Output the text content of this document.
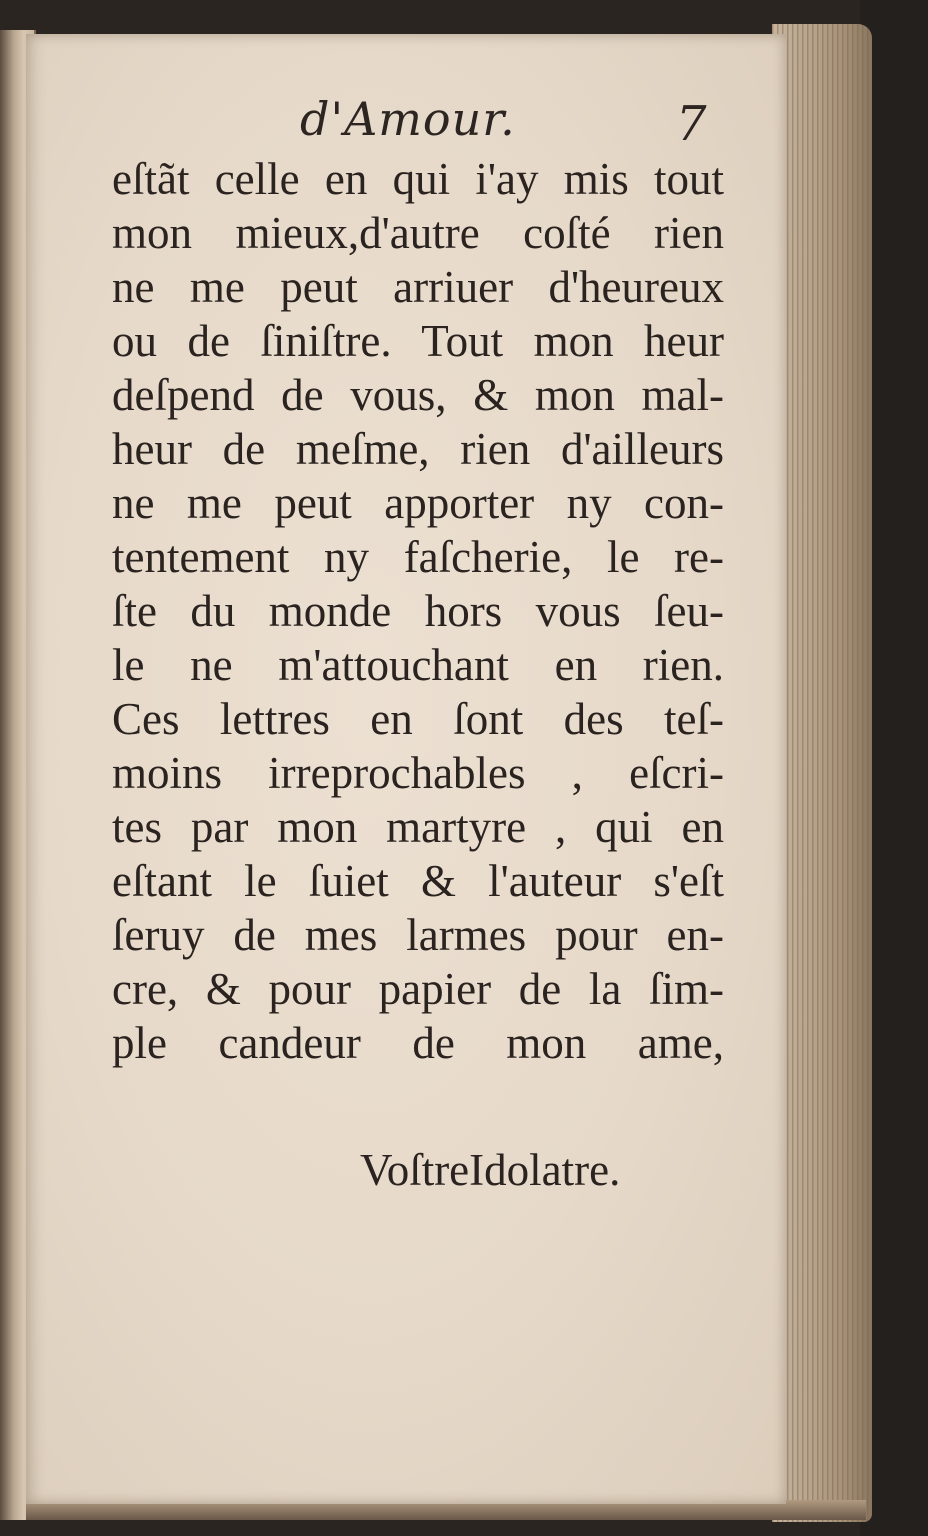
d'Amour.	7
eſtãt celle en qui i'ay mis tout
mon mieux,d'autre coſté rien
ne me peut arriuer d'heureux
ou de ſiniſtre. Tout mon heur
deſpend de vous, & mon mal-
heur de meſme, rien d'ailleurs
ne me peut apporter ny con-
tentement ny faſcherie, le re-
ſte du monde hors vous ſeu-
le ne m'attouchant en rien.
Ces lettres en ſont des teſ-
moins irreprochables , eſcri-
tes par mon martyre , qui en
eſtant le ſuiet & l'auteur s'eſt
ſeruy de mes larmes pour en-
cre, & pour papier de la ſim-
ple candeur de mon ame,
VoſtreIdolatre.
